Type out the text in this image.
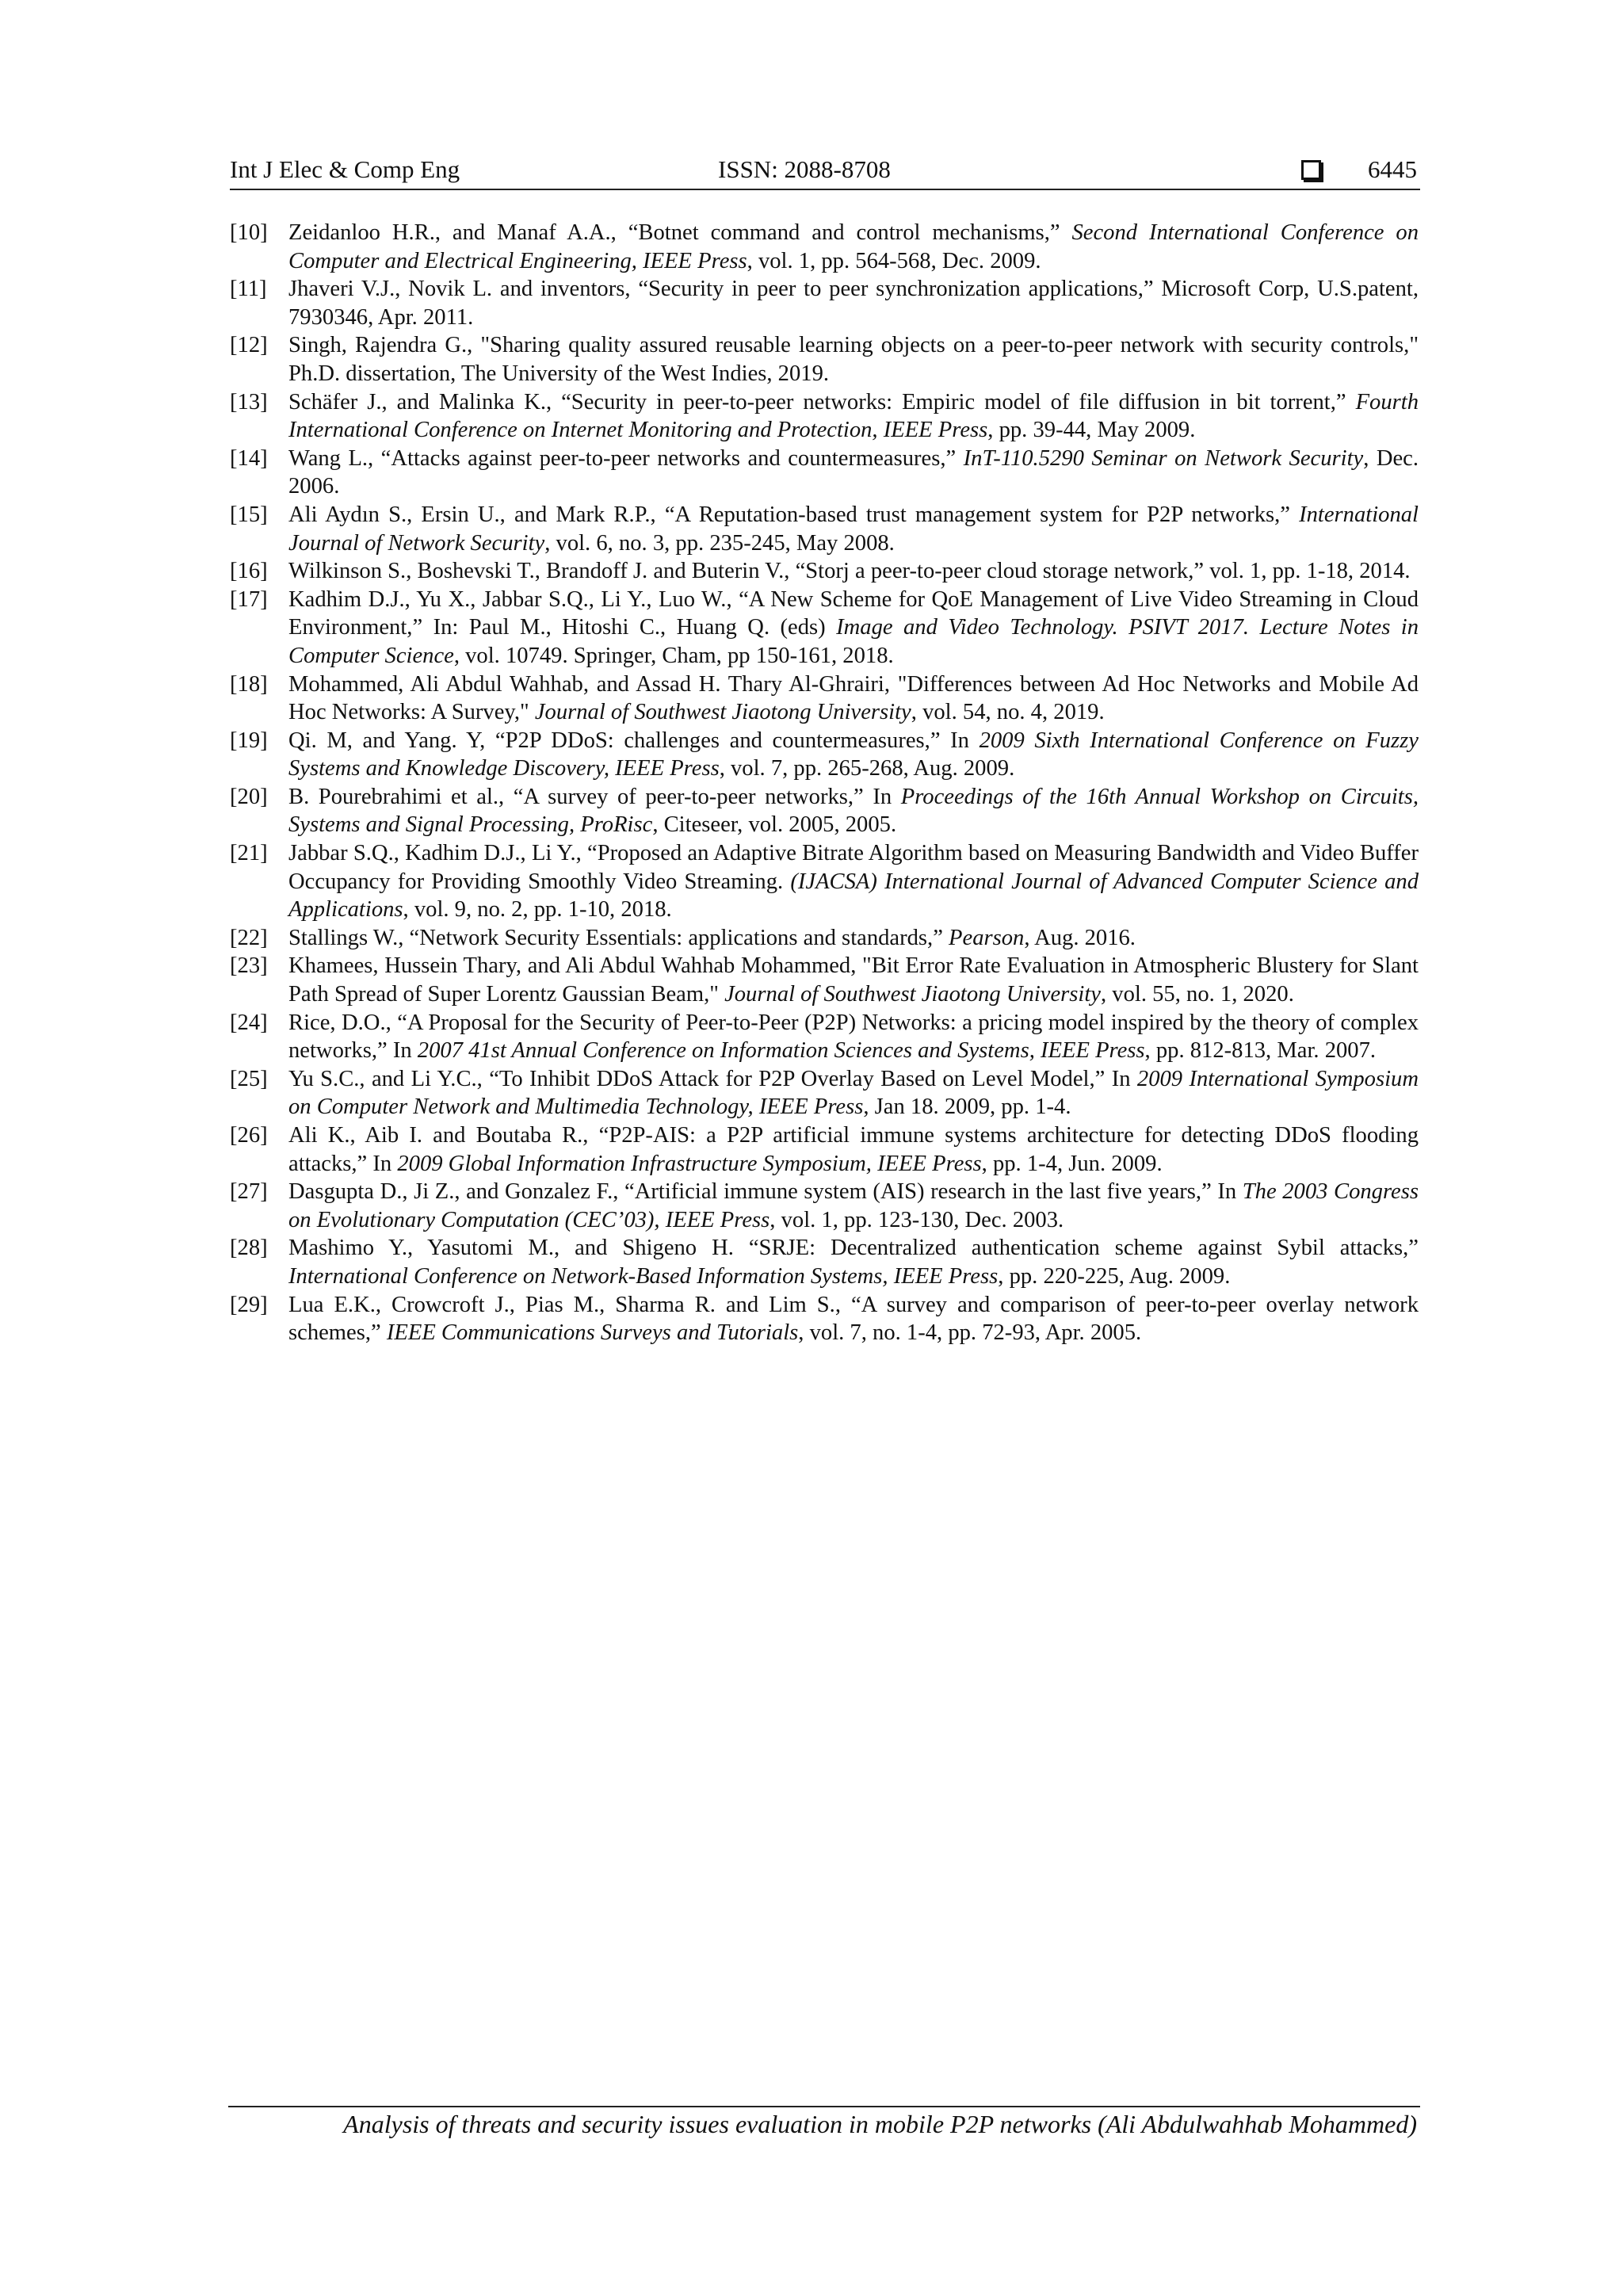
Int J Elec & Comp Eng	ISSN: 2088-8708	6445
[10] Zeidanloo H.R., and Manaf A.A., “Botnet command and control mechanisms,” Second International Conference on Computer and Electrical Engineering, IEEE Press, vol. 1, pp. 564-568, Dec. 2009.
[11] Jhaveri V.J., Novik L. and inventors, “Security in peer to peer synchronization applications,” Microsoft Corp, U.S.patent, 7930346, Apr. 2011.
[12] Singh, Rajendra G., "Sharing quality assured reusable learning objects on a peer-to-peer network with security controls," Ph.D. dissertation, The University of the West Indies, 2019.
[13] Schäfer J., and Malinka K., “Security in peer-to-peer networks: Empiric model of file diffusion in bit torrent,” Fourth International Conference on Internet Monitoring and Protection, IEEE Press, pp. 39-44, May 2009.
[14] Wang L., “Attacks against peer-to-peer networks and countermeasures,” InT-110.5290 Seminar on Network Security, Dec. 2006.
[15] Ali Aydın S., Ersin U., and Mark R.P., “A Reputation-based trust management system for P2P networks,” International Journal of Network Security, vol. 6, no. 3, pp. 235-245, May 2008.
[16] Wilkinson S., Boshevski T., Brandoff J. and Buterin V., “Storj a peer-to-peer cloud storage network,” vol. 1, pp. 1-18, 2014.
[17] Kadhim D.J., Yu X., Jabbar S.Q., Li Y., Luo W., “A New Scheme for QoE Management of Live Video Streaming in Cloud Environment,” In: Paul M., Hitoshi C., Huang Q. (eds) Image and Video Technology. PSIVT 2017. Lecture Notes in Computer Science, vol. 10749. Springer, Cham, pp 150-161, 2018.
[18] Mohammed, Ali Abdul Wahhab, and Assad H. Thary Al-Ghrairi, "Differences between Ad Hoc Networks and Mobile Ad Hoc Networks: A Survey," Journal of Southwest Jiaotong University, vol. 54, no. 4, 2019.
[19] Qi. M, and Yang. Y, “P2P DDoS: challenges and countermeasures,” In 2009 Sixth International Conference on Fuzzy Systems and Knowledge Discovery, IEEE Press, vol. 7, pp. 265-268, Aug. 2009.
[20] B. Pourebrahimi et al., “A survey of peer-to-peer networks,” In Proceedings of the 16th Annual Workshop on Circuits, Systems and Signal Processing, ProRisc, Citeseer, vol. 2005, 2005.
[21] Jabbar S.Q., Kadhim D.J., Li Y., “Proposed an Adaptive Bitrate Algorithm based on Measuring Bandwidth and Video Buffer Occupancy for Providing Smoothly Video Streaming. (IJACSA) International Journal of Advanced Computer Science and Applications, vol. 9, no. 2, pp. 1-10, 2018.
[22] Stallings W., “Network Security Essentials: applications and standards,” Pearson, Aug. 2016.
[23] Khamees, Hussein Thary, and Ali Abdul Wahhab Mohammed, "Bit Error Rate Evaluation in Atmospheric Blustery for Slant Path Spread of Super Lorentz Gaussian Beam," Journal of Southwest Jiaotong University, vol. 55, no. 1, 2020.
[24] Rice, D.O., “A Proposal for the Security of Peer-to-Peer (P2P) Networks: a pricing model inspired by the theory of complex networks,” In 2007 41st Annual Conference on Information Sciences and Systems, IEEE Press, pp. 812-813, Mar. 2007.
[25] Yu S.C., and Li Y.C., “To Inhibit DDoS Attack for P2P Overlay Based on Level Model,” In 2009 International Symposium on Computer Network and Multimedia Technology, IEEE Press, Jan 18. 2009, pp. 1-4.
[26] Ali K., Aib I. and Boutaba R., “P2P-AIS: a P2P artificial immune systems architecture for detecting DDoS flooding attacks,” In 2009 Global Information Infrastructure Symposium, IEEE Press, pp. 1-4, Jun. 2009.
[27] Dasgupta D., Ji Z., and Gonzalez F., “Artificial immune system (AIS) research in the last five years,” In The 2003 Congress on Evolutionary Computation (CEC’03), IEEE Press, vol. 1, pp. 123-130, Dec. 2003.
[28] Mashimo Y., Yasutomi M., and Shigeno H. “SRJE: Decentralized authentication scheme against Sybil attacks,” International Conference on Network-Based Information Systems, IEEE Press, pp. 220-225, Aug. 2009.
[29] Lua E.K., Crowcroft J., Pias M., Sharma R. and Lim S., “A survey and comparison of peer-to-peer overlay network schemes,” IEEE Communications Surveys and Tutorials, vol. 7, no. 1-4, pp. 72-93, Apr. 2005.
Analysis of threats and security issues evaluation in mobile P2P networks (Ali Abdulwahhab Mohammed)
